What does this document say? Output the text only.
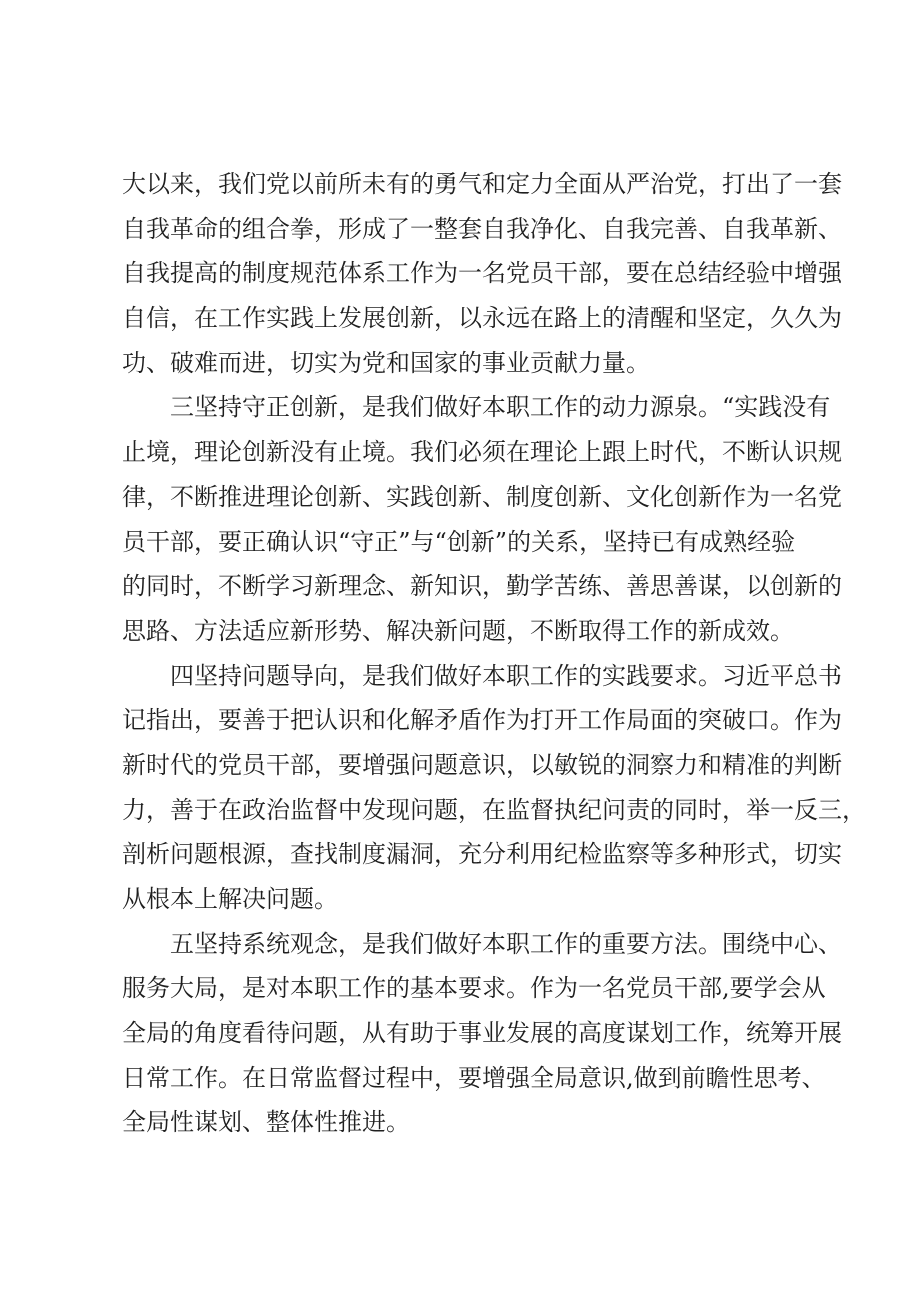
大以来，我们党以前所未有的勇气和定力全面从严治党，打出了一套
自我革命的组合拳，形成了一整套自我净化、自我完善、自我革新、
自我提高的制度规范体系工作为一名党员干部，要在总结经验中增强
自信，在工作实践上发展创新，以永远在路上的清醒和坚定，久久为
功、破难而进，切实为党和国家的事业贡献力量。
三坚持守正创新，是我们做好本职工作的动力源泉。“实践没有
止境，理论创新没有止境。我们必须在理论上跟上时代，不断认识规
律，不断推进理论创新、实践创新、制度创新、文化创新作为一名党
员干部，要正确认识“守正”与“创新”的关系，坚持已有成熟经验
的同时，不断学习新理念、新知识，勤学苦练、善思善谋，以创新的
思路、方法适应新形势、解决新问题，不断取得工作的新成效。
四坚持问题导向，是我们做好本职工作的实践要求。习近平总书
记指出，要善于把认识和化解矛盾作为打开工作局面的突破口。作为
新时代的党员干部，要增强问题意识，以敏锐的洞察力和精准的判断
力，善于在政治监督中发现问题，在监督执纪问责的同时，举一反三，
剖析问题根源，查找制度漏洞，充分利用纪检监察等多种形式，切实
从根本上解决问题。
五坚持系统观念，是我们做好本职工作的重要方法。围绕中心、
服务大局，是对本职工作的基本要求。作为一名党员干部,要学会从
全局的角度看待问题，从有助于事业发展的高度谋划工作，统筹开展
日常工作。在日常监督过程中，要增强全局意识,做到前瞻性思考、
全局性谋划、整体性推进。
